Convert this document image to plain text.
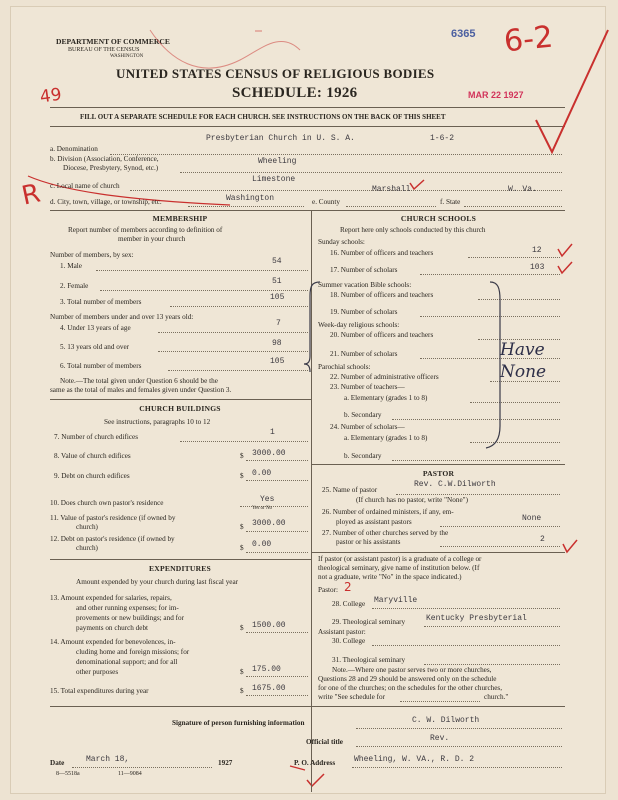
DEPARTMENT OF COMMERCE
BUREAU OF THE CENSUS
WASHINGTON
UNITED STATES CENSUS OF RELIGIOUS BODIES
SCHEDULE: 1926
FILL OUT A SEPARATE SCHEDULE FOR EACH CHURCH. SEE INSTRUCTIONS ON THE BACK OF THIS SHEET
6365
MAR 22 1927
6-2
49
R
a. Denomination
Presbyterian Church in U. S. A.	1-6-2
b. Division (Association, Conference,
Diocese, Presbytery, Synod, etc.)
Wheeling
c. Local name of church
Limestone
d. City, town, village, or township, etc.	Washington	e. County
Marshall
f. State
W. Va.
MEMBERSHIP
Report number of members according to definition of
member in your church
Number of members, by sex:
1. Male	54
2. Female	51
3. Total number of members	105
Number of members under and over 13 years old:
4. Under 13 years of age	7
5. 13 years old and over	98
6. Total number of members	105
Note.—The total given under Question 6 should be the
same as the total of males and females given under Question 3.
CHURCH BUILDINGS
See instructions, paragraphs 10 to 12
7. Number of church edifices	1
8. Value of church edifices	$ 3000.00
9. Debt on church edifices	$ 0.00
10. Does church own pastor's residence	Yes
Yes or No
11. Value of pastor's residence (if owned by
church)	$ 3000.00
12. Debt on pastor's residence (if owned by
church)	$ 0.00
EXPENDITURES
Amount expended by your church during last fiscal year
13. Amount expended for salaries, repairs,
and other running expenses; for im-
provements or new buildings; and for
payments on church debt	$ 1500.00
14. Amount expended for benevolences, in-
cluding home and foreign missions; for
denominational support; and for all
other purposes	$ 175.00
15. Total expenditures during year	$ 1675.00
CHURCH SCHOOLS
Report here only schools conducted by this church
Sunday schools:
16. Number of officers and teachers	12
17. Number of scholars	103
Summer vacation Bible schools:
18. Number of officers and teachers
19. Number of scholars
Week-day religious schools:
20. Number of officers and teachers
21. Number of scholars
Parochial schools:
22. Number of administrative officers
23. Number of teachers—
a. Elementary (grades 1 to 8)
b. Secondary
24. Number of scholars—
a. Elementary (grades 1 to 8)
b. Secondary
Have
None
PASTOR
25. Name of pastor
Rev. C.W.Dilworth
(If church has no pastor, write "None")
26. Number of ordained ministers, if any, em-
ployed as assistant pastors	None
27. Number of other churches served by the
pastor or his assistants	2
If pastor (or assistant pastor) is a graduate of a college or
theological seminary, give name of institution below. (If
not a graduate, write "No" in the space indicated.)
Pastor: 2
28. College Maryville
29. Theological seminary	Kentucky Presbyterial
Assistant pastor:
30. College
31. Theological seminary
Note.—Where one pastor serves two or more churches,
Questions 28 and 29 should be answered only on the schedule
for one of the churches; on the schedules for the other churches,
write "See schedule for	church."
Signature of person furnishing information	C. W. Dilworth
Official title	Rev.
Date	March 18,	1927	P. O. Address Wheeling, W. VA., R. D. 2
8—5518a	11—9084
